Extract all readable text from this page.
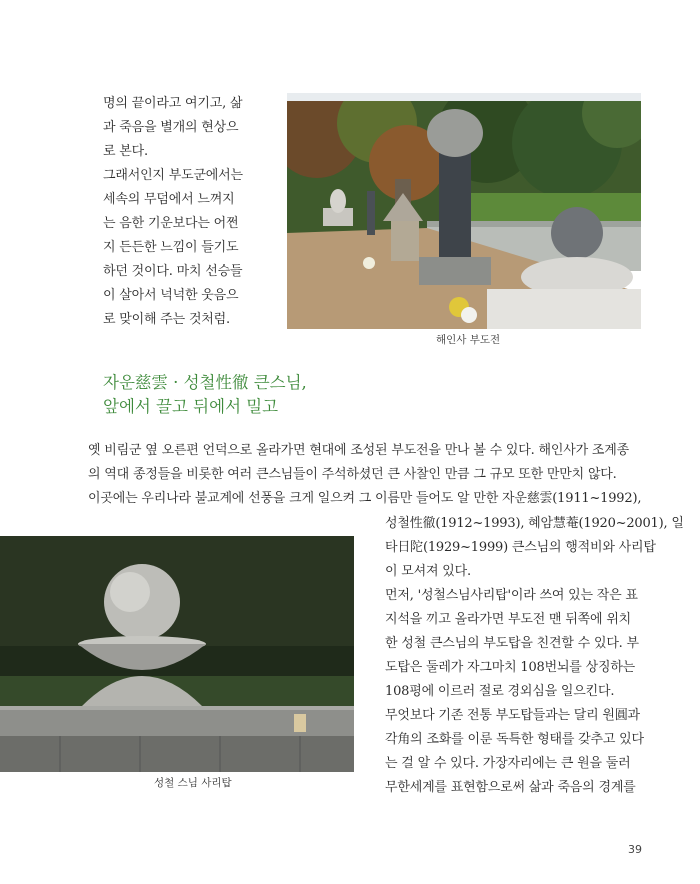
명의 끝이라고 여기고, 삶
과 죽음을 별개의 현상으
로 본다.
그래서인지 부도군에서는
세속의 무덤에서 느껴지
는 음한 기운보다는 어쩐
지 든든한 느낌이 들기도
하던 것이다. 마치 선승들
이 살아서 넉넉한 웃음으
로 맞이해 주는 것처럼.
해인사 부도전
자운慈雲 · 성철性徹 큰스님,
앞에서 끌고 뒤에서 밀고
옛 비림군 옆 오른편 언덕으로 올라가면 현대에 조성된 부도전을 만나 볼 수 있다. 해인사가 조계종
의 역대 종정들을 비롯한 여러 큰스님들이 주석하셨던 큰 사찰인 만큼 그 규모 또한 만만치 않다.
이곳에는 우리나라 불교계에 선풍을 크게 일으켜 그 이름만 들어도 알 만한 자운慈雲(1911~1992),
성철 스님 사리탑
성철性徹(1912~1993), 혜암慧菴(1920~2001), 일
타日陀(1929~1999) 큰스님의 행적비와 사리탑
이 모셔져 있다.
먼저, '성철스님사리탑'이라 쓰여 있는 작은 표
지석을 끼고 올라가면 부도전 맨 뒤쪽에 위치
한 성철 큰스님의 부도탑을 친견할 수 있다. 부
도탑은 둘레가 자그마치 108번뇌를 상징하는
108평에 이르러 절로 경외심을 일으킨다.
무엇보다 기존 전통 부도탑들과는 달리 원圓과
각角의 조화를 이룬 독특한 형태를 갖추고 있다
는 걸 알 수 있다. 가장자리에는 큰 원을 둘러
무한세계를 표현함으로써 삶과 죽음의 경계를
39
